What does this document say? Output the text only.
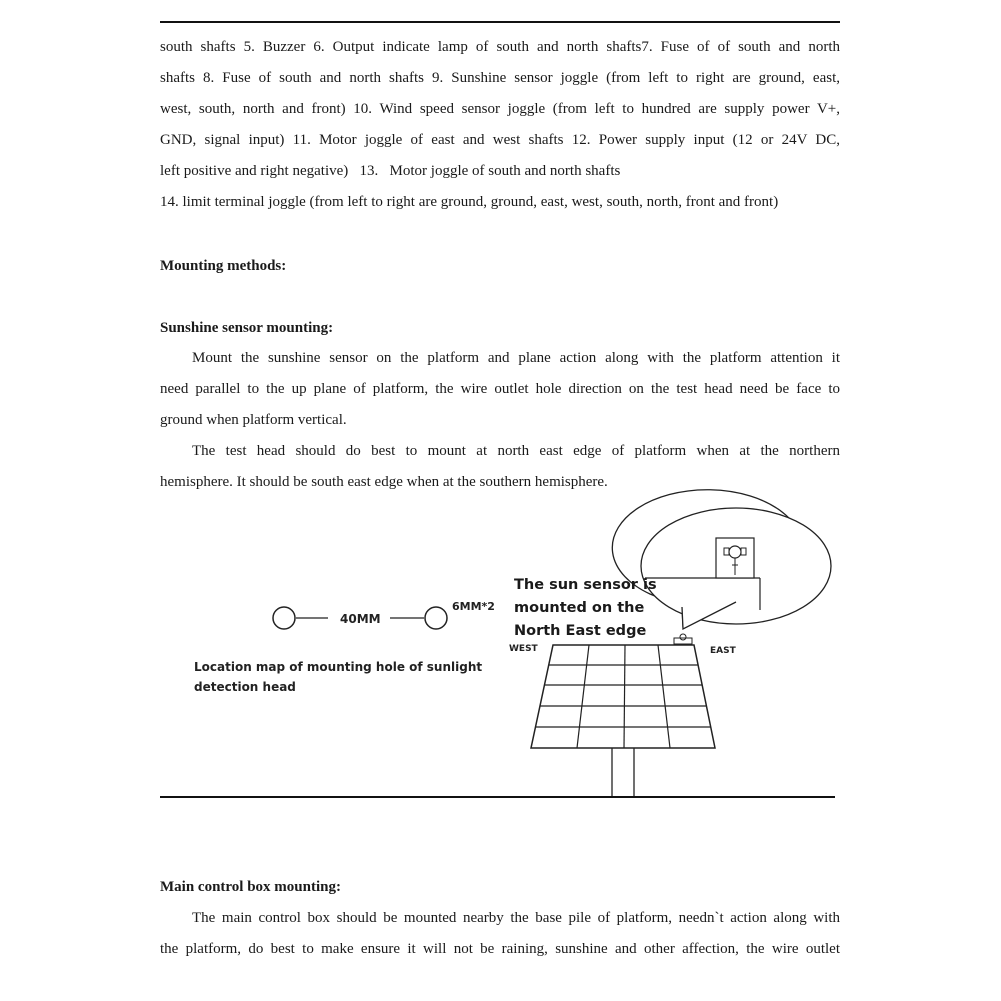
south shafts 5. Buzzer 6. Output indicate lamp of south and north shafts7. Fuse of of south and north
shafts 8. Fuse of south and north shafts 9. Sunshine sensor joggle (from left to right are ground, east,
west, south, north and front) 10. Wind speed sensor joggle (from left to hundred are supply power V+,
GND, signal input) 11. Motor joggle of east and west shafts 12. Power supply input (12 or 24V DC,
left positive and right negative)   13.   Motor joggle of south and north shafts
14. limit terminal joggle (from left to right are ground, ground, east, west, south, north, front and front)
Mounting methods:
Sunshine sensor mounting:
Mount the sunshine sensor on the platform and plane action along with the platform attention it
need parallel to the up plane of platform, the wire outlet hole direction on the test head need be face to
ground when platform vertical.
The test head should do best to mount at north east edge of platform when at the northern
hemisphere. It should be south east edge when at the southern hemisphere.
40MM
6MM*2
Location map of mounting hole of sunlight
detection head
The sun sensor is
mounted on the
North East edge
WEST	EAST
Main control box mounting:
The main control box should be mounted nearby the base pile of platform, needn`t action along with
the platform, do best to make ensure it will not be raining, sunshine and other affection, the wire outlet
